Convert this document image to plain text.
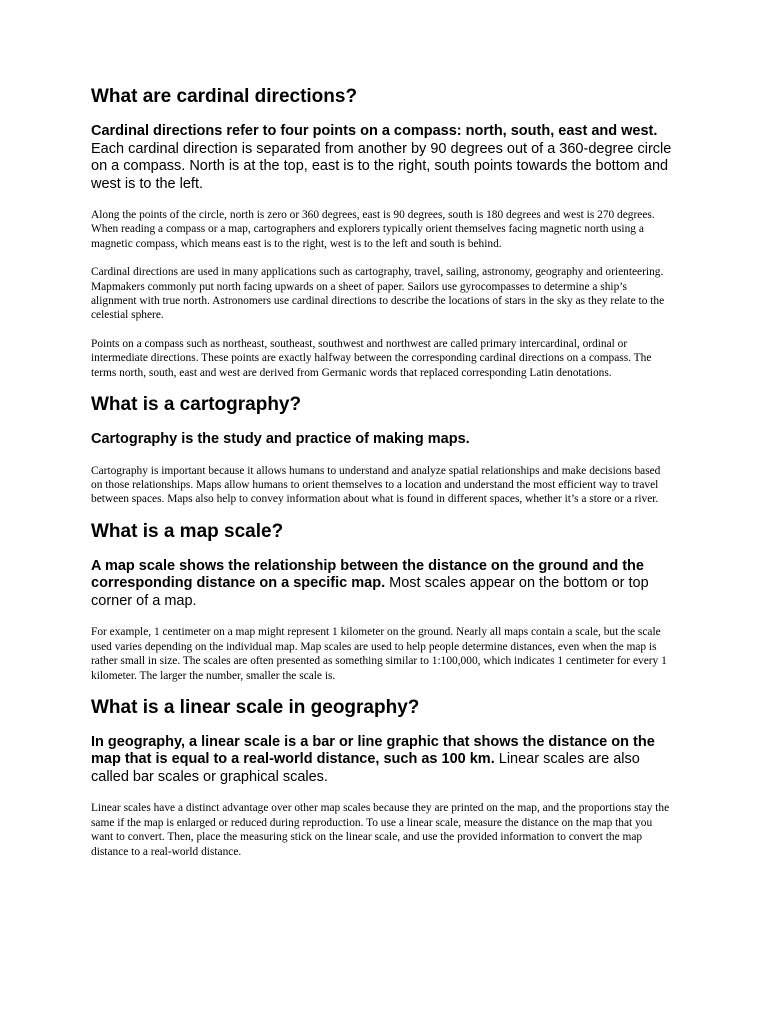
What are cardinal directions?

Cardinal directions refer to four points on a compass: north, south, east and west. Each cardinal direction is separated from another by 90 degrees out of a 360-degree circle on a compass. North is at the top, east is to the right, south points towards the bottom and west is to the left.

Along the points of the circle, north is zero or 360 degrees, east is 90 degrees, south is 180 degrees and west is 270 degrees. When reading a compass or a map, cartographers and explorers typically orient themselves facing magnetic north using a magnetic compass, which means east is to the right, west is to the left and south is behind.

Cardinal directions are used in many applications such as cartography, travel, sailing, astronomy, geography and orienteering. Mapmakers commonly put north facing upwards on a sheet of paper. Sailors use gyrocompasses to determine a ship’s alignment with true north. Astronomers use cardinal directions to describe the locations of stars in the sky as they relate to the celestial sphere.

Points on a compass such as northeast, southeast, southwest and northwest are called primary intercardinal, ordinal or intermediate directions. These points are exactly halfway between the corresponding cardinal directions on a compass. The terms north, south, east and west are derived from Germanic words that replaced corresponding Latin denotations.

What is a cartography?

Cartography is the study and practice of making maps.

Cartography is important because it allows humans to understand and analyze spatial relationships and make decisions based on those relationships. Maps allow humans to orient themselves to a location and understand the most efficient way to travel between spaces. Maps also help to convey information about what is found in different spaces, whether it’s a store or a river.

What is a map scale?

A map scale shows the relationship between the distance on the ground and the corresponding distance on a specific map. Most scales appear on the bottom or top corner of a map.

For example, 1 centimeter on a map might represent 1 kilometer on the ground. Nearly all maps contain a scale, but the scale used varies depending on the individual map. Map scales are used to help people determine distances, even when the map is rather small in size. The scales are often presented as something similar to 1:100,000, which indicates 1 centimeter for every 1 kilometer. The larger the number, smaller the scale is.

What is a linear scale in geography?

In geography, a linear scale is a bar or line graphic that shows the distance on the map that is equal to a real-world distance, such as 100 km. Linear scales are also called bar scales or graphical scales.

Linear scales have a distinct advantage over other map scales because they are printed on the map, and the proportions stay the same if the map is enlarged or reduced during reproduction. To use a linear scale, measure the distance on the map that you want to convert. Then, place the measuring stick on the linear scale, and use the provided information to convert the map distance to a real-world distance.
